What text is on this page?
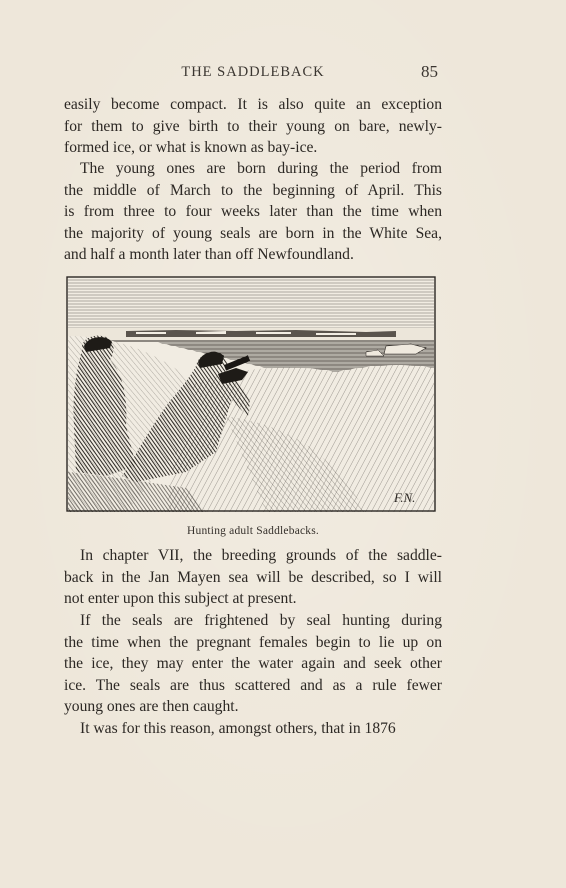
THE SADDLEBACK	85
easily become compact. It is also quite an exception
for them to give birth to their young on bare, newly-
formed ice, or what is known as bay-ice.
The young ones are born during the period from
the middle of March to the beginning of April. This
is from three to four weeks later than the time when
the majority of young seals are born in the White Sea,
and half a month later than off Newfoundland.
F.N.
Hunting adult Saddlebacks.
In chapter VII, the breeding grounds of the saddle-
back in the Jan Mayen sea will be described, so I will
not enter upon this subject at present.
If the seals are frightened by seal hunting during
the time when the pregnant females begin to lie up on
the ice, they may enter the water again and seek other
ice. The seals are thus scattered and as a rule fewer
young ones are then caught.
It was for this reason, amongst others, that in 1876
